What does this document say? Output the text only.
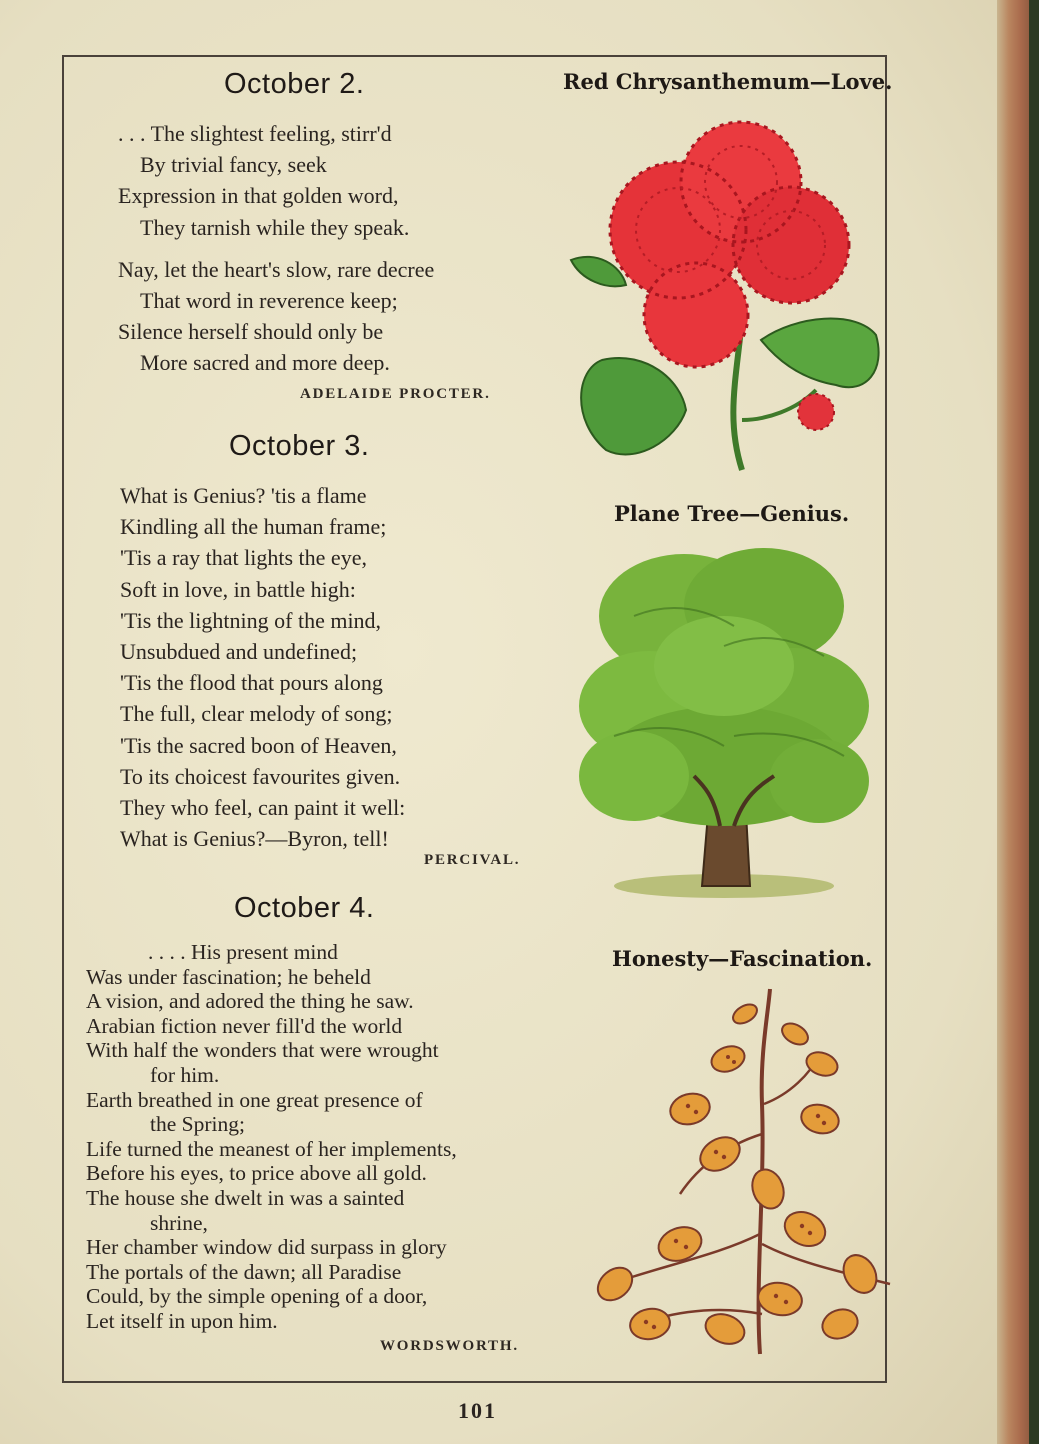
October 2.
. . . The slightest feeling, stirr'd
By trivial fancy, seek
Expression in that golden word,
They tarnish while they speak.
Nay, let the heart's slow, rare decree
That word in reverence keep;
Silence herself should only be
More sacred and more deep.
ADELAIDE PROCTER.
October 3.
What is Genius? 'tis a flame
Kindling all the human frame;
'Tis a ray that lights the eye,
Soft in love, in battle high:
'Tis the lightning of the mind,
Unsubdued and undefined;
'Tis the flood that pours along
The full, clear melody of song;
'Tis the sacred boon of Heaven,
To its choicest favourites given.
They who feel, can paint it well:
What is Genius?—Byron, tell!
PERCIVAL.
October 4.
. . . . His present mind
Was under fascination; he beheld
A vision, and adored the thing he saw.
Arabian fiction never fill'd the world
With half the wonders that were wrought
for him.
Earth breathed in one great presence of
the Spring;
Life turned the meanest of her implements,
Before his eyes, to price above all gold.
The house she dwelt in was a sainted
shrine,
Her chamber window did surpass in glory
The portals of the dawn; all Paradise
Could, by the simple opening of a door,
Let itself in upon him.
WORDSWORTH.
Red Chrysanthemum—Love.
Plane Tree—Genius.
Honesty—Fascination.
101
